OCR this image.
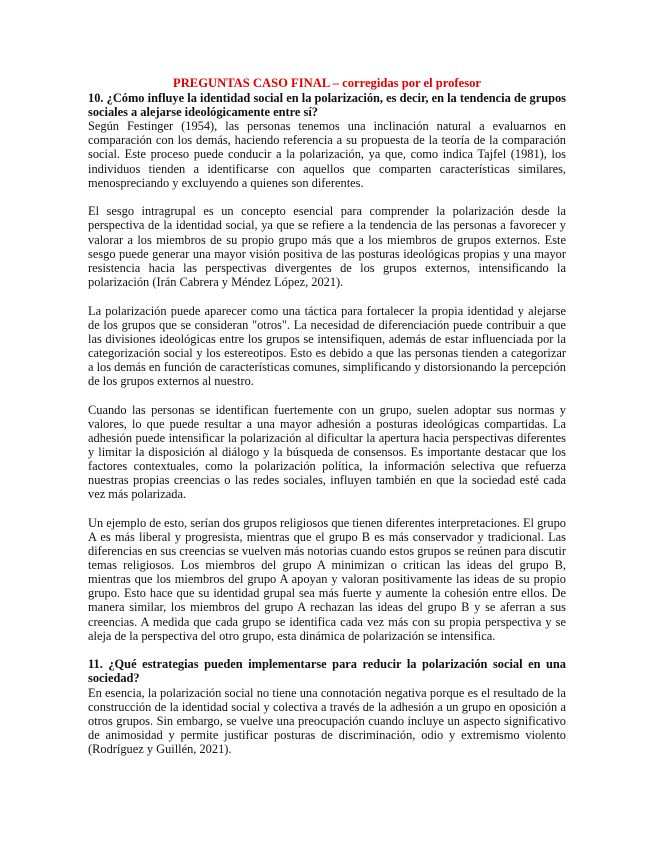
PREGUNTAS CASO FINAL – corregidas por el profesor

10. ¿Cómo influye la identidad social en la polarización, es decir, en la tendencia de grupos sociales a alejarse ideológicamente entre sí?

Según Festinger (1954), las personas tenemos una inclinación natural a evaluarnos en comparación con los demás, haciendo referencia a su propuesta de la teoría de la comparación social. Este proceso puede conducir a la polarización, ya que, como indica Tajfel (1981), los individuos tienden a identificarse con aquellos que comparten características similares, menospreciando y excluyendo a quienes son diferentes.

El sesgo intragrupal es un concepto esencial para comprender la polarización desde la perspectiva de la identidad social, ya que se refiere a la tendencia de las personas a favorecer y valorar a los miembros de su propio grupo más que a los miembros de grupos externos. Este sesgo puede generar una mayor visión positiva de las posturas ideológicas propias y una mayor resistencia hacia las perspectivas divergentes de los grupos externos, intensificando la polarización (Irán Cabrera y Méndez López, 2021).

La polarización puede aparecer como una táctica para fortalecer la propia identidad y alejarse de los grupos que se consideran "otros". La necesidad de diferenciación puede contribuir a que las divisiones ideológicas entre los grupos se intensifiquen, además de estar influenciada por la categorización social y los estereotipos. Esto es debido a que las personas tienden a categorizar a los demás en función de características comunes, simplificando y distorsionando la percepción de los grupos externos al nuestro.

Cuando las personas se identifican fuertemente con un grupo, suelen adoptar sus normas y valores, lo que puede resultar a una mayor adhesión a posturas ideológicas compartidas. La adhesión puede intensificar la polarización al dificultar la apertura hacia perspectivas diferentes y limitar la disposición al diálogo y la búsqueda de consensos. Es importante destacar que los factores contextuales, como la polarización política, la información selectiva que refuerza nuestras propias creencias o las redes sociales, influyen también en que la sociedad esté cada vez más polarizada.

Un ejemplo de esto, serían dos grupos religiosos que tienen diferentes interpretaciones. El grupo A es más liberal y progresista, mientras que el grupo B es más conservador y tradicional. Las diferencias en sus creencias se vuelven más notorias cuando estos grupos se reúnen para discutir temas religiosos. Los miembros del grupo A minimizan o critican las ideas del grupo B, mientras que los miembros del grupo A apoyan y valoran positivamente las ideas de su propio grupo. Esto hace que su identidad grupal sea más fuerte y aumente la cohesión entre ellos. De manera similar, los miembros del grupo A rechazan las ideas del grupo B y se aferran a sus creencias. A medida que cada grupo se identifica cada vez más con su propia perspectiva y se aleja de la perspectiva del otro grupo, esta dinámica de polarización se intensifica.

11. ¿Qué estrategias pueden implementarse para reducir la polarización social en una sociedad?

En esencia, la polarización social no tiene una connotación negativa porque es el resultado de la construcción de la identidad social y colectiva a través de la adhesión a un grupo en oposición a otros grupos. Sin embargo, se vuelve una preocupación cuando incluye un aspecto significativo de animosidad y permite justificar posturas de discriminación, odio y extremismo violento (Rodríguez y Guillén, 2021).
